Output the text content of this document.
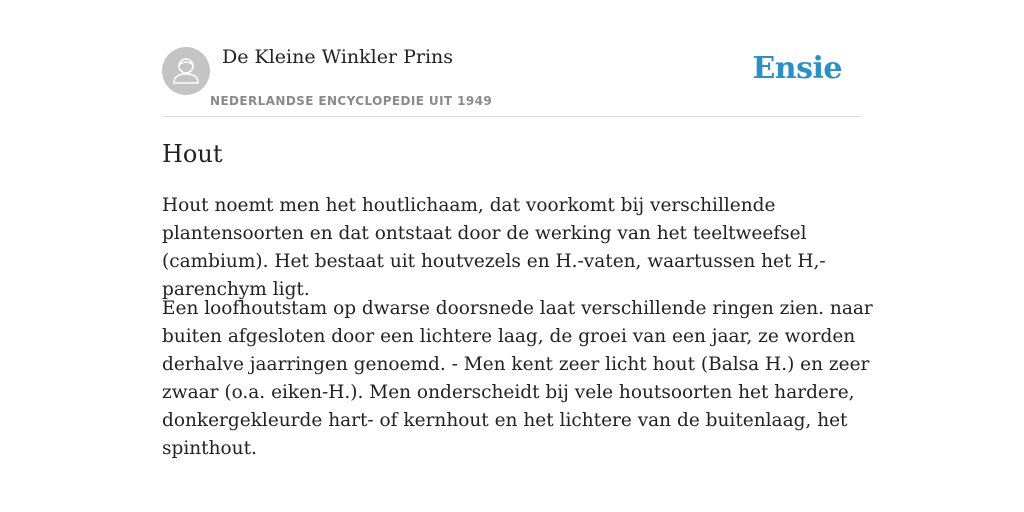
De Kleine Winkler Prins
NEDERLANDSE ENCYCLOPEDIE UIT 1949
Ensie
Hout

Hout noemt men het houtlichaam, dat voorkomt bij verschillende plantensoorten en dat ontstaat door de werking van het teeltweefsel (cambium). Het bestaat uit houtvezels en H.-vaten, waartussen het H,-parenchym ligt.

Een loofhoutstam op dwarse doorsnede laat verschillende ringen zien. naar buiten afgesloten door een lichtere laag, de groei van een jaar, ze worden derhalve jaarringen genoemd. - Men kent zeer licht hout (Balsa H.) en zeer zwaar (o.a. eiken-H.). Men onderscheidt bij vele houtsoorten het hardere, donkergekleurde hart- of kernhout en het lichtere van de buitenlaag, het spinthout.
